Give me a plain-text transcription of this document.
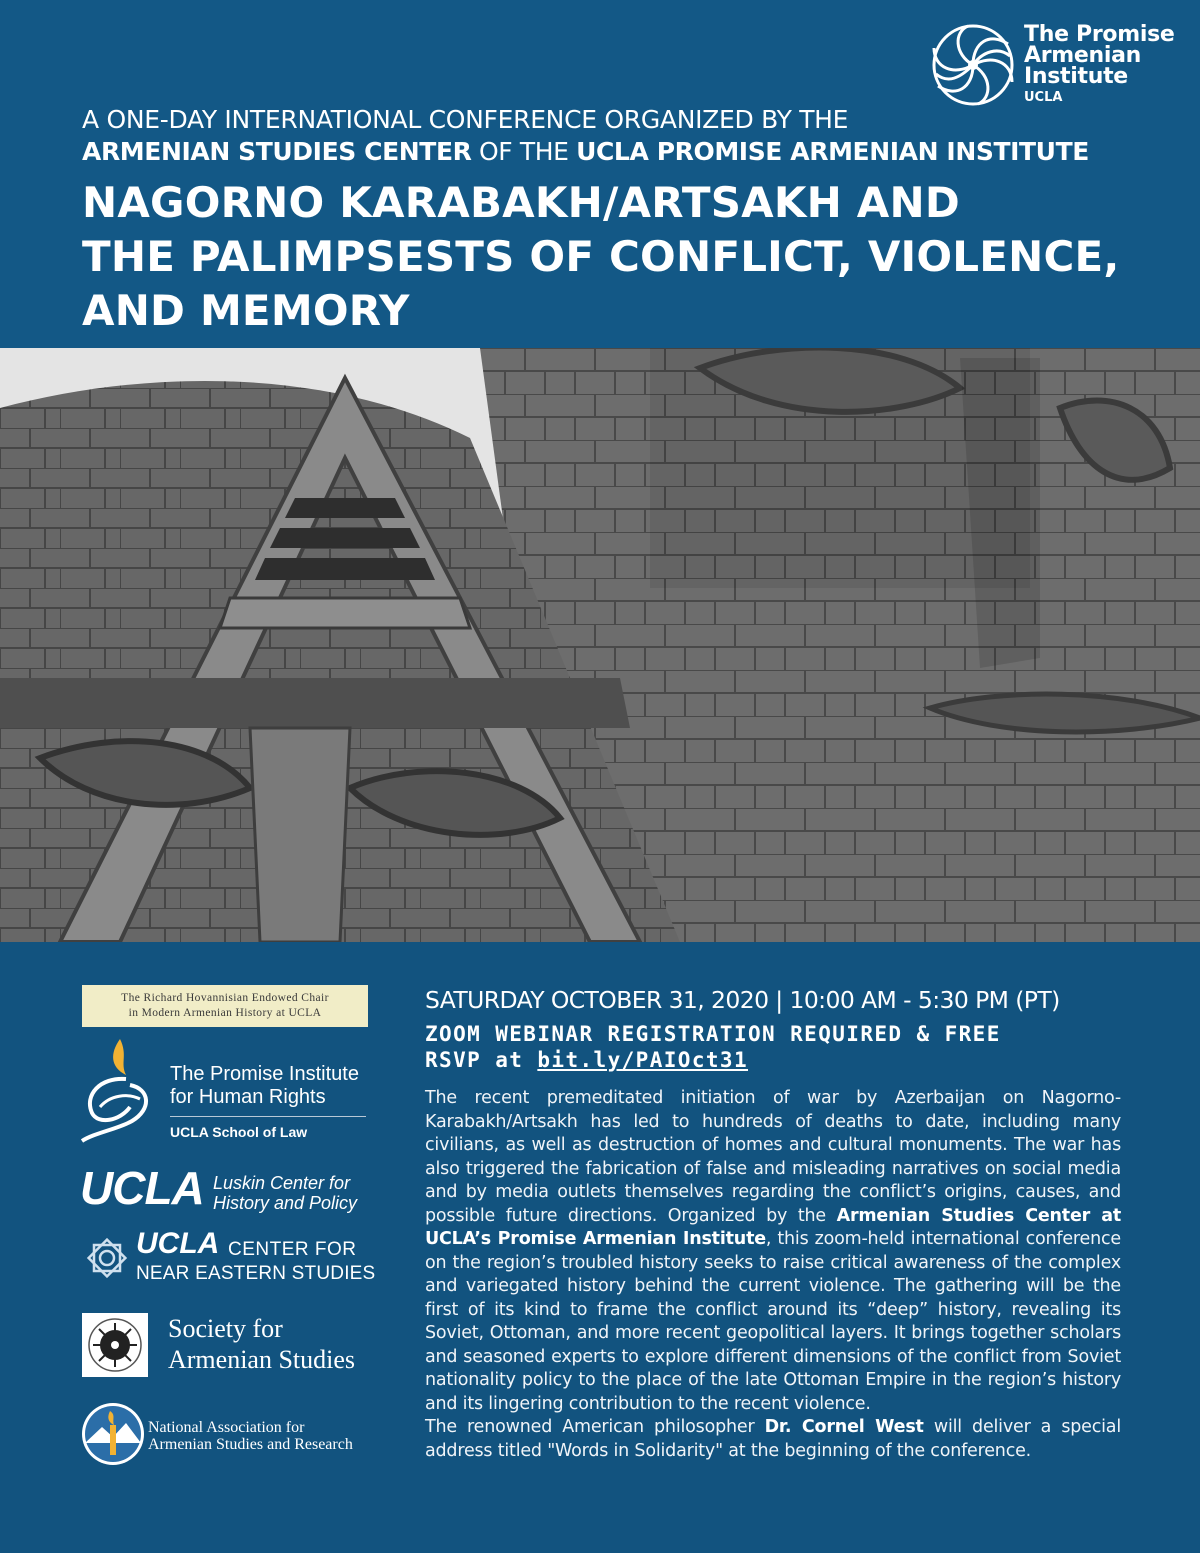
The Promise
Armenian
Institute
UCLA
A ONE-DAY INTERNATIONAL CONFERENCE ORGANIZED BY THE
ARMENIAN STUDIES CENTER OF THE UCLA PROMISE ARMENIAN INSTITUTE
NAGORNO KARABAKH/ARTSAKH AND
THE PALIMPSESTS OF CONFLICT, VIOLENCE,
AND MEMORY
The Richard Hovannisian Endowed Chair
in Modern Armenian History at UCLA
The Promise Institute
for Human Rights
UCLA School of Law
UCLA Luskin Center for
History and Policy
UCLA CENTER FOR
NEAR EASTERN STUDIES
Society for
Armenian Studies
National Association for
Armenian Studies and Research
SATURDAY OCTOBER 31, 2020 | 10:00 AM - 5:30 PM (PT)
ZOOM WEBINAR REGISTRATION REQUIRED & FREE
RSVP at bit.ly/PAIOct31

The recent premeditated initiation of war by Azerbaijan on Nagorno-Karabakh/Artsakh has led to hundreds of deaths to date, including many civilians, as well as destruction of homes and cultural monuments. The war has also triggered the fabrication of false and misleading narratives on social media and by media outlets themselves regarding the conflict’s origins, causes, and possible future directions. Organized by the Armenian Studies Center at UCLA’s Promise Armenian Institute, this zoom-held international conference on the region’s troubled history seeks to raise critical awareness of the complex and variegated history behind the current violence. The gathering will be the first of its kind to frame the conflict around its “deep” history, revealing its Soviet, Ottoman, and more recent geopolitical layers. It brings together scholars and seasoned experts to explore different dimensions of the conflict from Soviet nationality policy to the place of the late Ottoman Empire in the region’s history and its lingering contribution to the recent violence.

The renowned American philosopher Dr. Cornel West will deliver a special address titled "Words in Solidarity" at the beginning of the conference.
